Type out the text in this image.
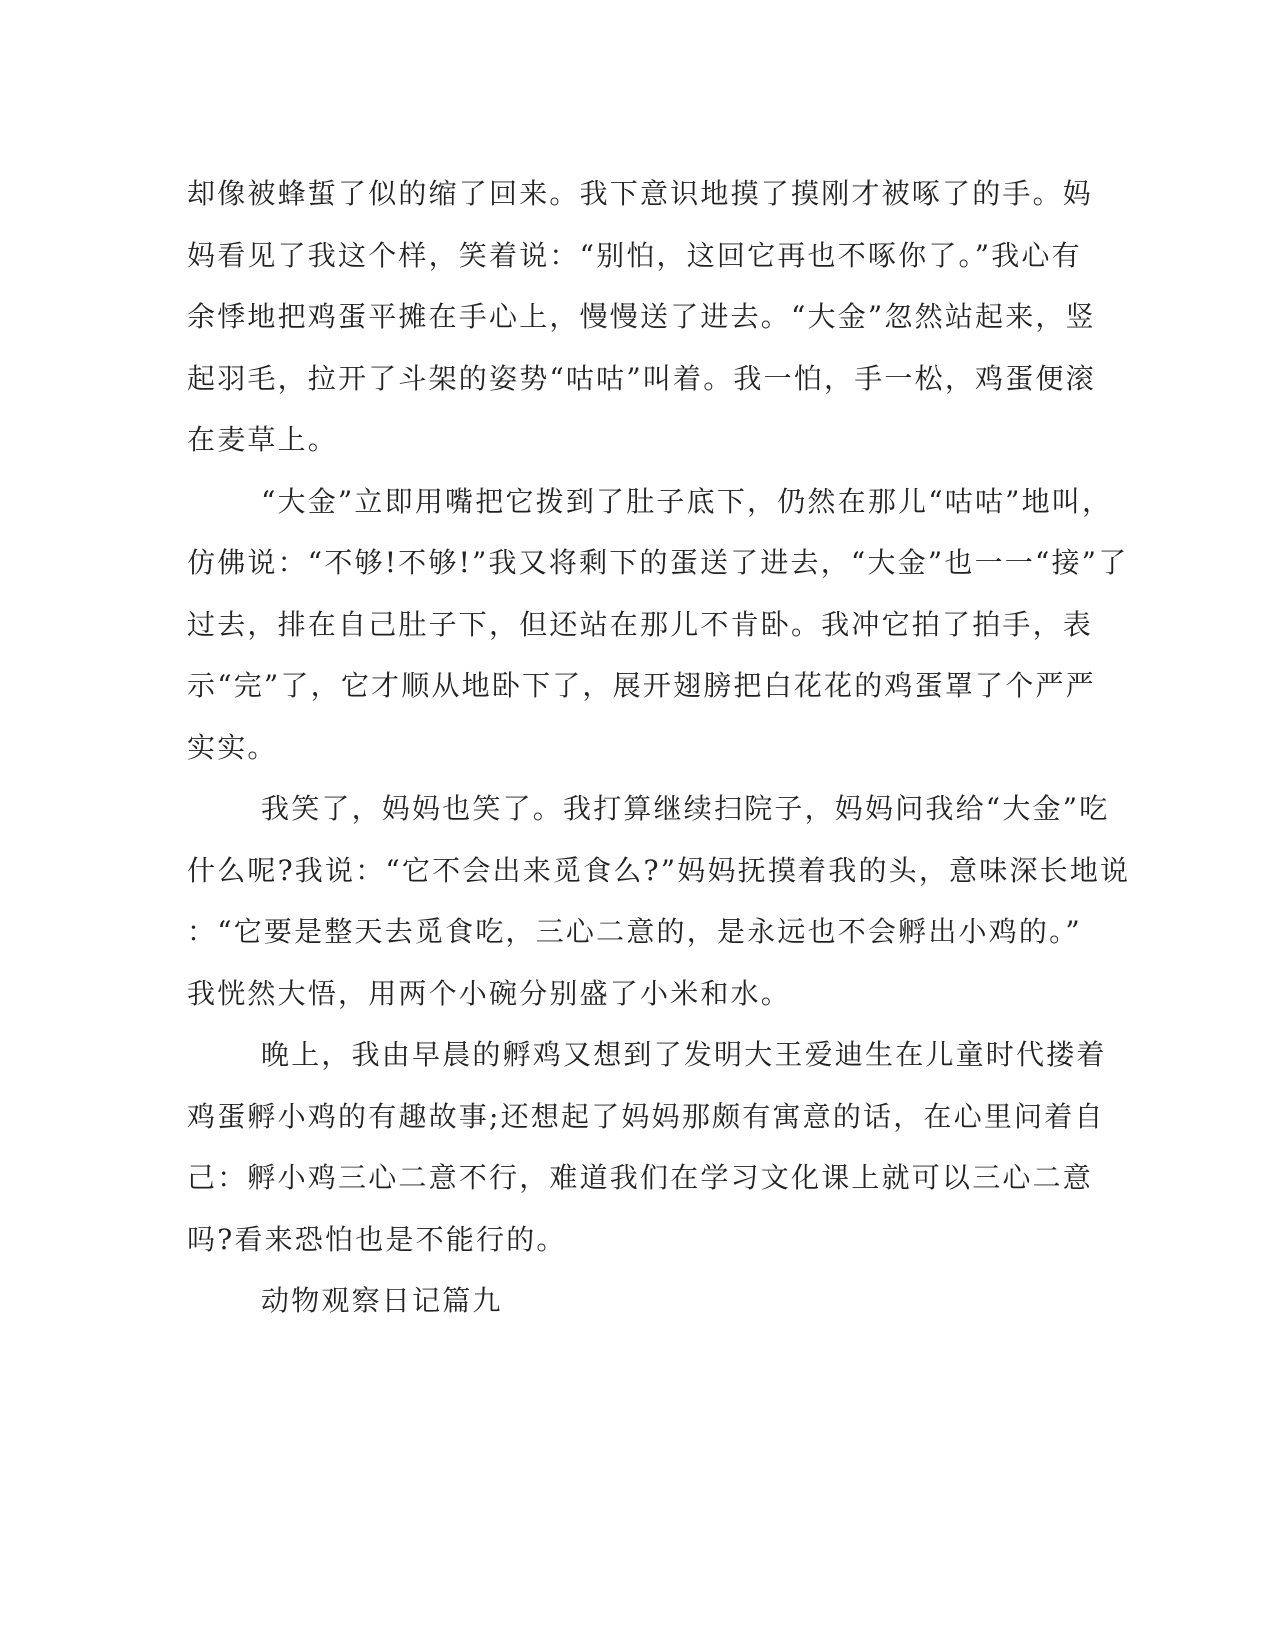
却像被蜂蜇了似的缩了回来。我下意识地摸了摸刚才被啄了的手。妈
妈看见了我这个样，笑着说：“别怕，这回它再也不啄你了。”我心有
余悸地把鸡蛋平摊在手心上，慢慢送了进去。“大金”忽然站起来，竖
起羽毛，拉开了斗架的姿势“咕咕”叫着。我一怕，手一松，鸡蛋便滚
在麦草上。
“大金”立即用嘴把它拨到了肚子底下，仍然在那儿“咕咕”地叫，
仿佛说：“不够!不够!”我又将剩下的蛋送了进去，“大金”也一一“接”了
过去，排在自己肚子下，但还站在那儿不肯卧。我冲它拍了拍手，表
示“完”了，它才顺从地卧下了，展开翅膀把白花花的鸡蛋罩了个严严
实实。
我笑了，妈妈也笑了。我打算继续扫院子，妈妈问我给“大金”吃
什么呢?我说：“它不会出来觅食么?”妈妈抚摸着我的头，意味深长地说
：“它要是整天去觅食吃，三心二意的，是永远也不会孵出小鸡的。”
我恍然大悟，用两个小碗分别盛了小米和水。
晚上，我由早晨的孵鸡又想到了发明大王爱迪生在儿童时代搂着
鸡蛋孵小鸡的有趣故事;还想起了妈妈那颇有寓意的话，在心里问着自
己：孵小鸡三心二意不行，难道我们在学习文化课上就可以三心二意
吗?看来恐怕也是不能行的。
动物观察日记篇九
